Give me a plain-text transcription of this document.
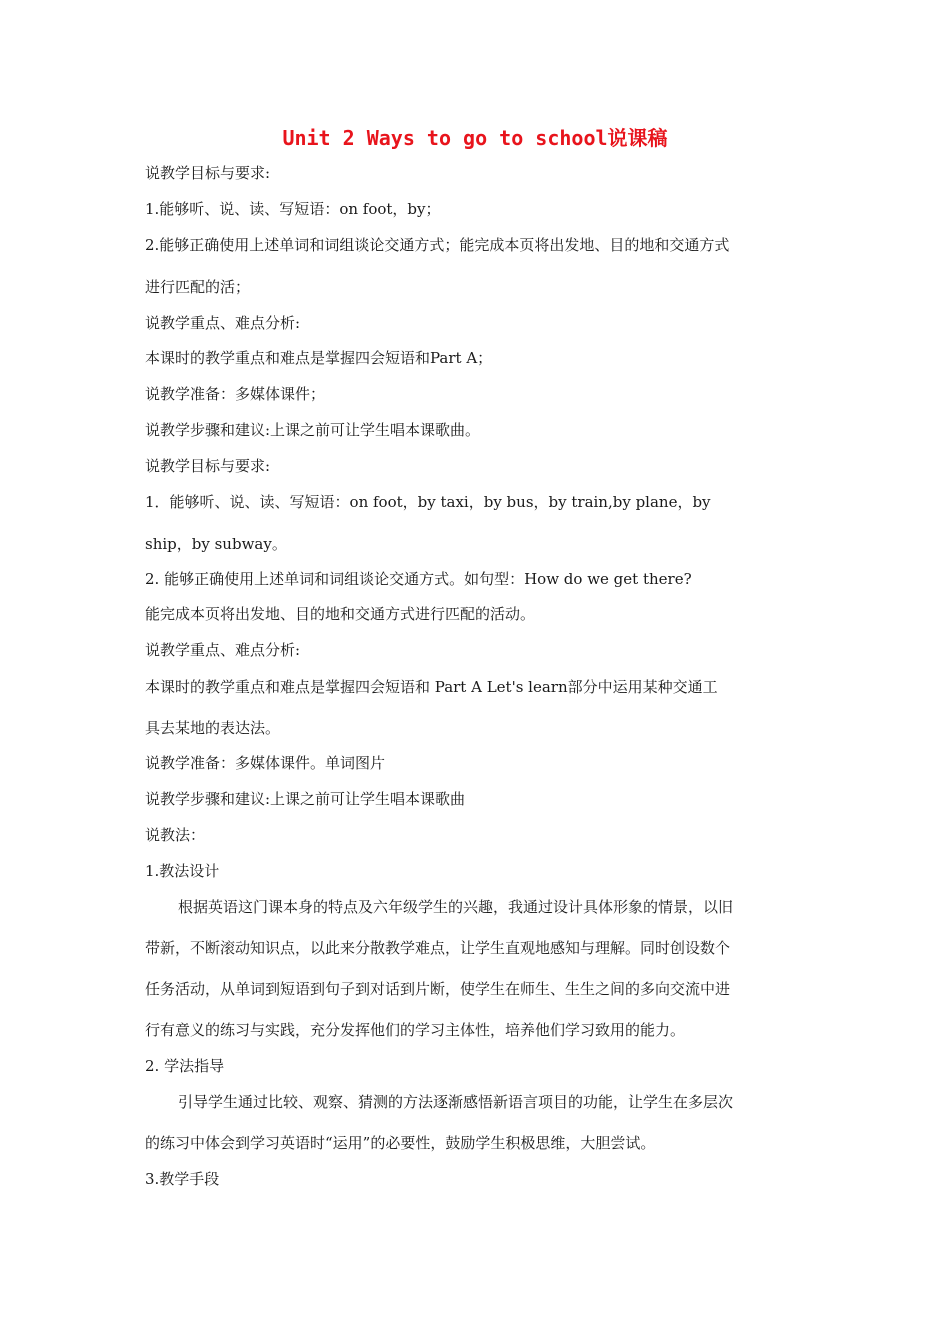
Unit 2 Ways to go to school说课稿
说教学目标与要求:
1.能够听、说、读、写短语：on foot，by；
2.能够正确使用上述单词和词组谈论交通方式；能完成本页将出发地、目的地和交通方式
进行匹配的活；
说教学重点、难点分析:
本课时的教学重点和难点是掌握四会短语和Part A；
说教学准备：多媒体课件；
说教学步骤和建议:上课之前可让学生唱本课歌曲。
说教学目标与要求:
1．能够听、说、读、写短语：on foot，by taxi，by bus，by train,by plane，by
ship，by subway。
2. 能够正确使用上述单词和词组谈论交通方式。如句型：How do we get there?
能完成本页将出发地、目的地和交通方式进行匹配的活动。
说教学重点、难点分析:
本课时的教学重点和难点是掌握四会短语和 Part A Let's learn部分中运用某种交通工
具去某地的表达法。
说教学准备：多媒体课件。单词图片
说教学步骤和建议:上课之前可让学生唱本课歌曲
说教法：
1.教法设计
根据英语这门课本身的特点及六年级学生的兴趣，我通过设计具体形象的情景，以旧
带新，不断滚动知识点，以此来分散教学难点，让学生直观地感知与理解。同时创设数个
任务活动，从单词到短语到句子到对话到片断，使学生在师生、生生之间的多向交流中进
行有意义的练习与实践，充分发挥他们的学习主体性，培养他们学习致用的能力。
2. 学法指导
引导学生通过比较、观察、猜测的方法逐渐感悟新语言项目的功能，让学生在多层次
的练习中体会到学习英语时“运用”的必要性，鼓励学生积极思维，大胆尝试。
3.教学手段
